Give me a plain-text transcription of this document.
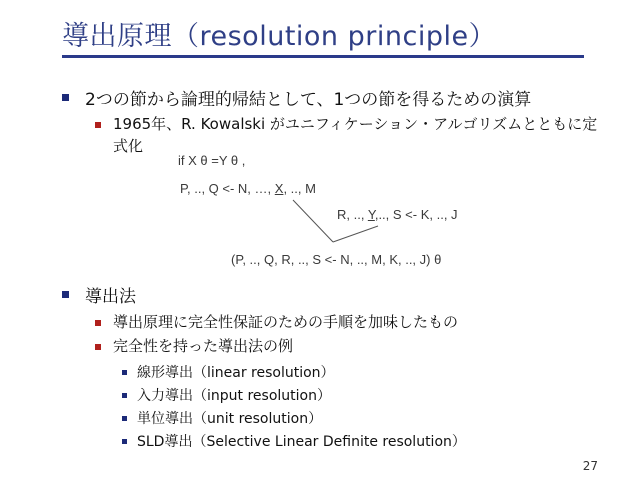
導出原理（resolution principle）
2つの節から論理的帰結として、1つの節を得るための演算
1965年、R. Kowalski がユニフィケーション・アルゴリズムとともに定
式化
if X θ =Y θ ,
P, .., Q <- N, …, X, .., M
R, .., Y,.., S <- K, .., J
(P, .., Q, R, .., S <- N, .., M, K, .., J) θ
導出法
導出原理に完全性保証のための手順を加味したもの
完全性を持った導出法の例
線形導出（linear resolution）
入力導出（input resolution）
単位導出（unit resolution）
SLD導出（Selective Linear Definite resolution）
27
